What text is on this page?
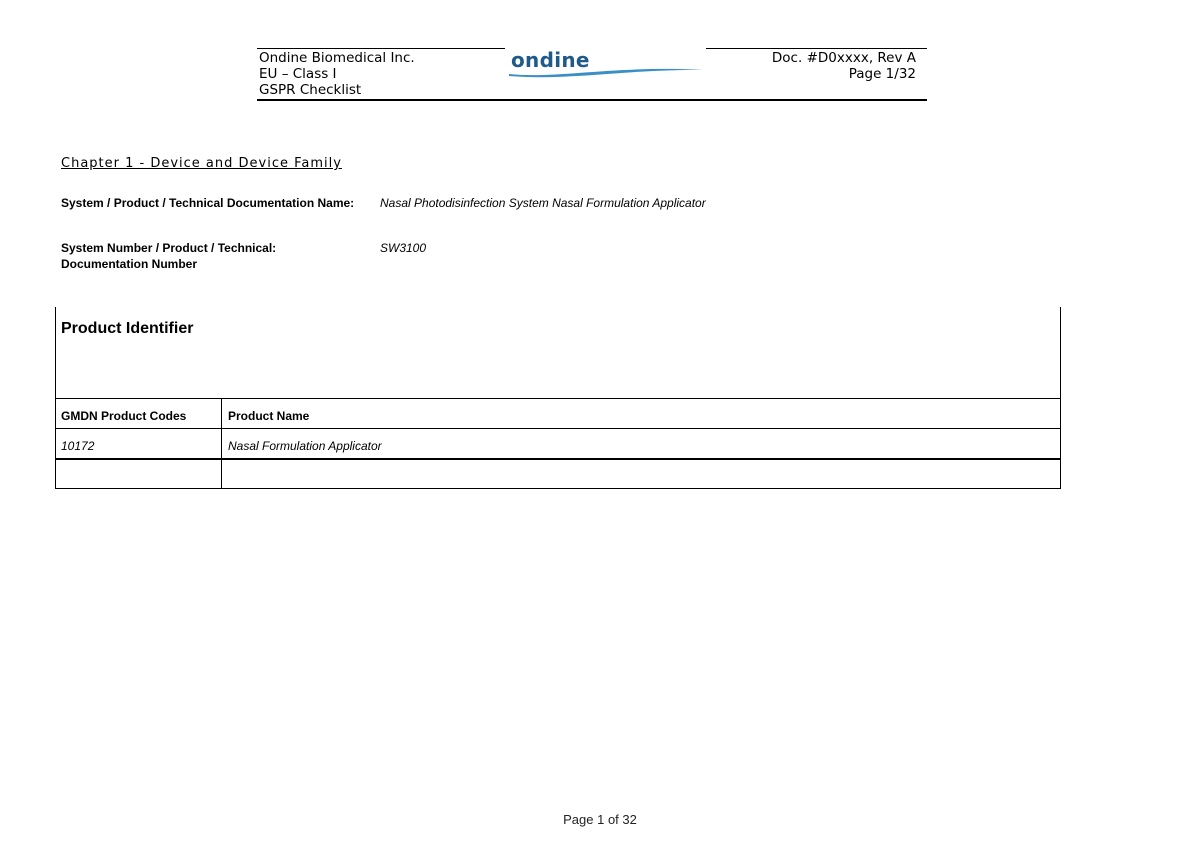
Ondine Biomedical Inc.
EU – Class I
GSPR Checklist
ondine	Doc. #D0xxxx, Rev A
Page 1/32
Chapter 1 - Device and Device Family
System / Product / Technical Documentation Name:	Nasal Photodisinfection System Nasal Formulation Applicator
System Number / Product / Technical: Documentation Number
SW3100
Product Identifier
GMDN Product Codes	Product Name
10172	Nasal Formulation Applicator
Page 1 of 32
